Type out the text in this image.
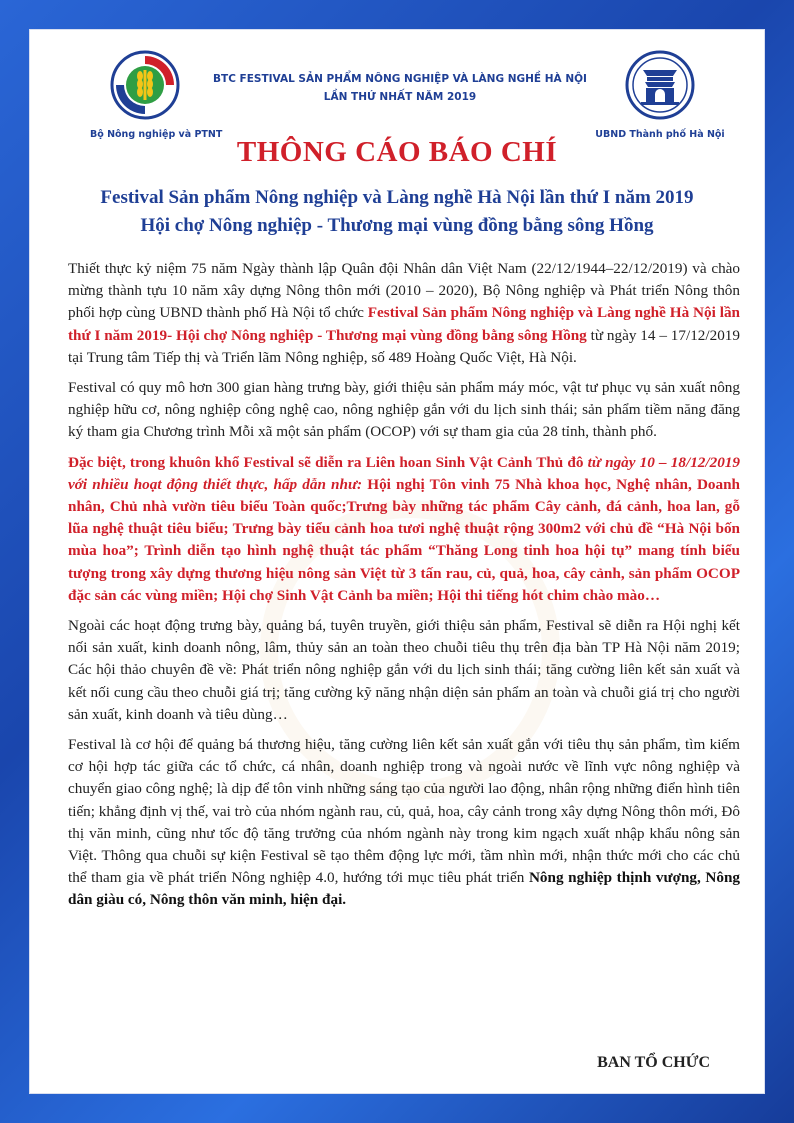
Bộ Nông nghiệp và PTNT
BTC FESTIVAL SẢN PHẨM NÔNG NGHIỆP VÀ LÀNG NGHỀ HÀ NỘI
LẦN THỨ NHẤT NĂM 2019
UBND Thành phố Hà Nội
THÔNG CÁO BÁO CHÍ
Festival Sản phẩm Nông nghiệp và Làng nghề Hà Nội lần thứ I năm 2019
Hội chợ Nông nghiệp - Thương mại vùng đồng bằng sông Hồng

Thiết thực kỷ niệm 75 năm Ngày thành lập Quân đội Nhân dân Việt Nam (22/12/1944–22/12/2019) và chào mừng thành tựu 10 năm xây dựng Nông thôn mới (2010 – 2020), Bộ Nông nghiệp và Phát triển Nông thôn phối hợp cùng UBND thành phố Hà Nội tổ chức Festival Sản phẩm Nông nghiệp và Làng nghề Hà Nội lần thứ I năm 2019- Hội chợ Nông nghiệp - Thương mại vùng đồng bằng sông Hồng từ ngày 14 – 17/12/2019 tại Trung tâm Tiếp thị và Triển lãm Nông nghiệp, số 489 Hoàng Quốc Việt, Hà Nội.

Festival có quy mô hơn 300 gian hàng trưng bày, giới thiệu sản phẩm máy móc, vật tư phục vụ sản xuất nông nghiệp hữu cơ, nông nghiệp công nghệ cao, nông nghiệp gắn với du lịch sinh thái; sản phẩm tiềm năng đăng ký tham gia Chương trình Mỗi xã một sản phẩm (OCOP) với sự tham gia của 28 tỉnh, thành phố.

Đặc biệt, trong khuôn khổ Festival sẽ diễn ra Liên hoan Sinh Vật Cảnh Thủ đô từ ngày 10 – 18/12/2019 với nhiều hoạt động thiết thực, hấp dẫn như: Hội nghị Tôn vinh 75 Nhà khoa học, Nghệ nhân, Doanh nhân, Chủ nhà vườn tiêu biểu Toàn quốc;Trưng bày những tác phẩm Cây cảnh, đá cảnh, hoa lan, gỗ lũa nghệ thuật tiêu biểu; Trưng bày tiểu cảnh hoa tươi nghệ thuật rộng 300m2 với chủ đề “Hà Nội bốn mùa hoa”; Trình diễn tạo hình nghệ thuật tác phẩm “Thăng Long tinh hoa hội tụ” mang tính biểu tượng trong xây dựng thương hiệu nông sản Việt từ 3 tấn rau, củ, quả, hoa, cây cảnh, sản phẩm OCOP đặc sản các vùng miền; Hội chợ Sinh Vật Cảnh ba miền; Hội thi tiếng hót chim chào mào…

Ngoài các hoạt động trưng bày, quảng bá, tuyên truyền, giới thiệu sản phẩm, Festival sẽ diễn ra Hội nghị kết nối sản xuất, kinh doanh nông, lâm, thủy sản an toàn theo chuỗi tiêu thụ trên địa bàn TP Hà Nội năm 2019; Các hội thảo chuyên đề về: Phát triển nông nghiệp gắn với du lịch sinh thái; tăng cường liên kết sản xuất và kết nối cung cầu theo chuỗi giá trị; tăng cường kỹ năng nhận diện sản phẩm an toàn và chuỗi giá trị cho người sản xuất, kinh doanh và tiêu dùng…

Festival là cơ hội để quảng bá thương hiệu, tăng cường liên kết sản xuất gắn với tiêu thụ sản phẩm, tìm kiếm cơ hội hợp tác giữa các tổ chức, cá nhân, doanh nghiệp trong và ngoài nước về lĩnh vực nông nghiệp và chuyển giao công nghệ; là dịp để tôn vinh những sáng tạo của người lao động, nhân rộng những điển hình tiên tiến; khẳng định vị thế, vai trò của nhóm ngành rau, củ, quả, hoa, cây cảnh trong xây dựng Nông thôn mới, Đô thị văn minh, cũng như tốc độ tăng trưởng của nhóm ngành này trong kim ngạch xuất nhập khẩu nông sản Việt. Thông qua chuỗi sự kiện Festival sẽ tạo thêm động lực mới, tầm nhìn mới, nhận thức mới cho các chủ thể tham gia về phát triển Nông nghiệp 4.0, hướng tới mục tiêu phát triển Nông nghiệp thịnh vượng, Nông dân giàu có, Nông thôn văn minh, hiện đại.

BAN TỔ CHỨC
